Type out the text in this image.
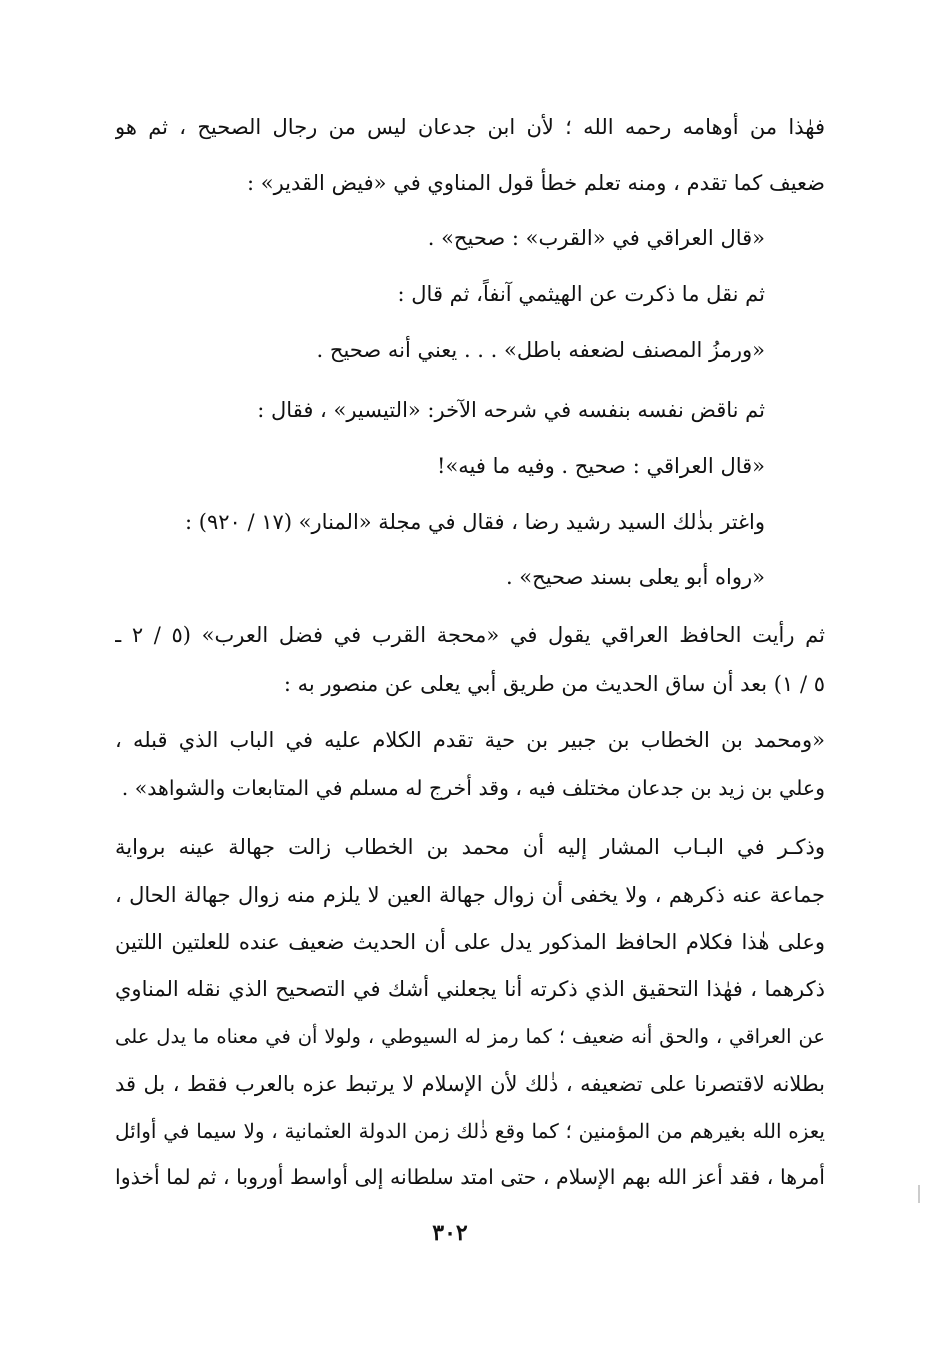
فهٰذا من أوهامه رحمه الله ؛ لأن ابن جدعان ليس من رجال الصحيح ، ثم هو
ضعيف كما تقدم ، ومنه تعلم خطأ قول المناوي في «فيض القدير» :
«قال العراقي في «القرب» : صحيح» .
ثم نقل ما ذكرت عن الهيثمي آنفاً، ثم قال :
«ورمزُ المصنف لضعفه باطل» . . . يعني أنه صحيح .
ثم ناقض نفسه بنفسه في شرحه الآخر: «التيسير» ، فقال :
«قال العراقي : صحيح . وفيه ما فيه»!
واغتر بذٰلك السيد رشيد رضا ، فقال في مجلة «المنار» (١٧ / ٩٢٠) :
«رواه أبو يعلى بسند صحيح» .
ثم رأيت الحافظ العراقي يقول في «محجة القرب في فضل العرب» (٥ / ٢ ـ
٥ / ١) بعد أن ساق الحديث من طريق أبي يعلى عن منصور به :
«ومحمد بن الخطاب بن جبير بن حية تقدم الكلام عليه في الباب الذي قبله ،
وعلي بن زيد بن جدعان مختلف فيه ، وقد أخرج له مسلم في المتابعات والشواهد» .
وذكـر في البـاب المشار إليه أن محمد بن الخطاب زالت جهالة عينه برواية
جماعة عنه ذكرهم ، ولا يخفى أن زوال جهالة العين لا يلزم منه زوال جهالة الحال ،
وعلى هٰذا فكلام الحافظ المذكور يدل على أن الحديث ضعيف عنده للعلتين اللتين
ذكرهما ، فهٰذا التحقيق الذي ذكرته أنا يجعلني أشك في التصحيح الذي نقله المناوي
عن العراقي ، والحق أنه ضعيف ؛ كما رمز له السيوطي ، ولولا أن في معناه ما يدل على
بطلانه لاقتصرنا على تضعيفه ، ذٰلك لأن الإسلام لا يرتبط عزه بالعرب فقط ، بل قد
يعزه الله بغيرهم من المؤمنين ؛ كما وقع ذٰلك زمن الدولة العثمانية ، ولا سيما في أوائل
أمرها ، فقد أعز الله بهم الإسلام ، حتى امتد سلطانه إلى أواسط أوروبا ، ثم لما أخذوا
٣٠٢
